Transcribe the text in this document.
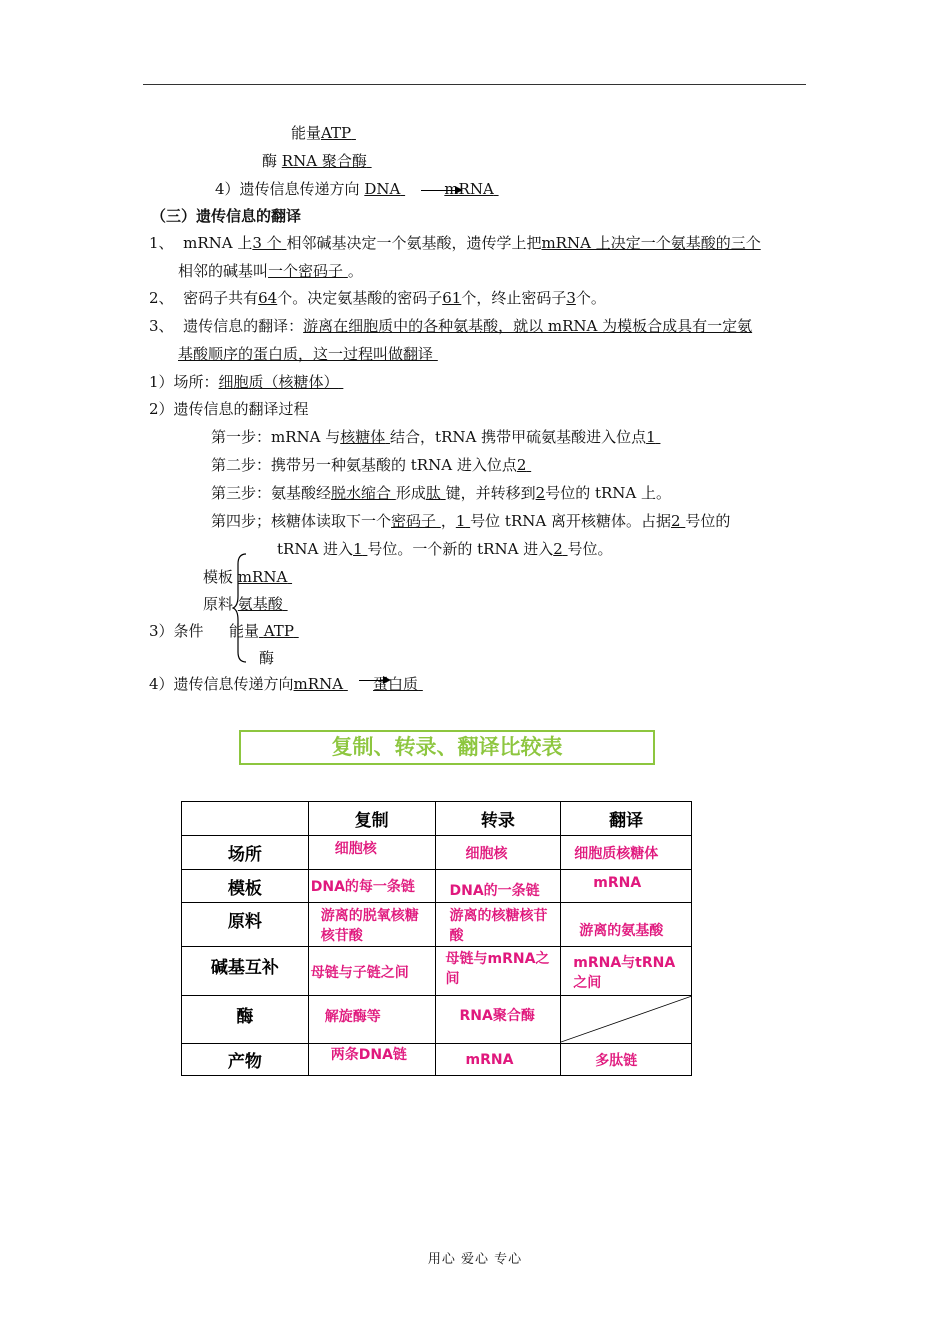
能量ATP
酶 RNA 聚合酶
4）遗传信息传递方向 DNA	mRNA
（三）遗传信息的翻译
1、 mRNA 上3 个 相邻碱基决定一个氨基酸，遗传学上把mRNA 上决定一个氨基酸的三个
相邻的碱基叫一个密码子 。
2、 密码子共有64个。决定氨基酸的密码子61个，终止密码子3个。
3、 遗传信息的翻译：游离在细胞质中的各种氨基酸，就以 mRNA 为模板合成具有一定氨
基酸顺序的蛋白质，这一过程叫做翻译
1）场所：细胞质（核糖体）
2）遗传信息的翻译过程
第一步：mRNA 与核糖体 结合，tRNA 携带甲硫氨基酸进入位点1
第二步：携带另一种氨基酸的 tRNA 进入位点2
第三步：氨基酸经脱水缩合 形成肽 键，并转移到2号位的 tRNA 上。
第四步；核糖体读取下一个密码子 ，1 号位 tRNA 离开核糖体。占据2 号位的
tRNA 进入1 号位。一个新的 tRNA 进入2 号位。
模板 mRNA
原料 氨基酸
3）条件 能量 ATP
酶
4）遗传信息传递方向mRNA 蛋白质
复制、转录、翻译比较表
	复制	转录	翻译
场所	细胞核	细胞核	细胞质核糖体

模板	DNA的每一条链	DNA的一条链	mRNA

原料	游离的脱氧核糖核苷酸	游离的核糖核苷酸	游离的氨基酸

碱基互补	母链与子链之间	母链与mRNA之间	mRNA与tRNA之间

酶	解旋酶等	RNA聚合酶

产物	两条DNA链	mRNA	多肽链
用心 爱心 专心
